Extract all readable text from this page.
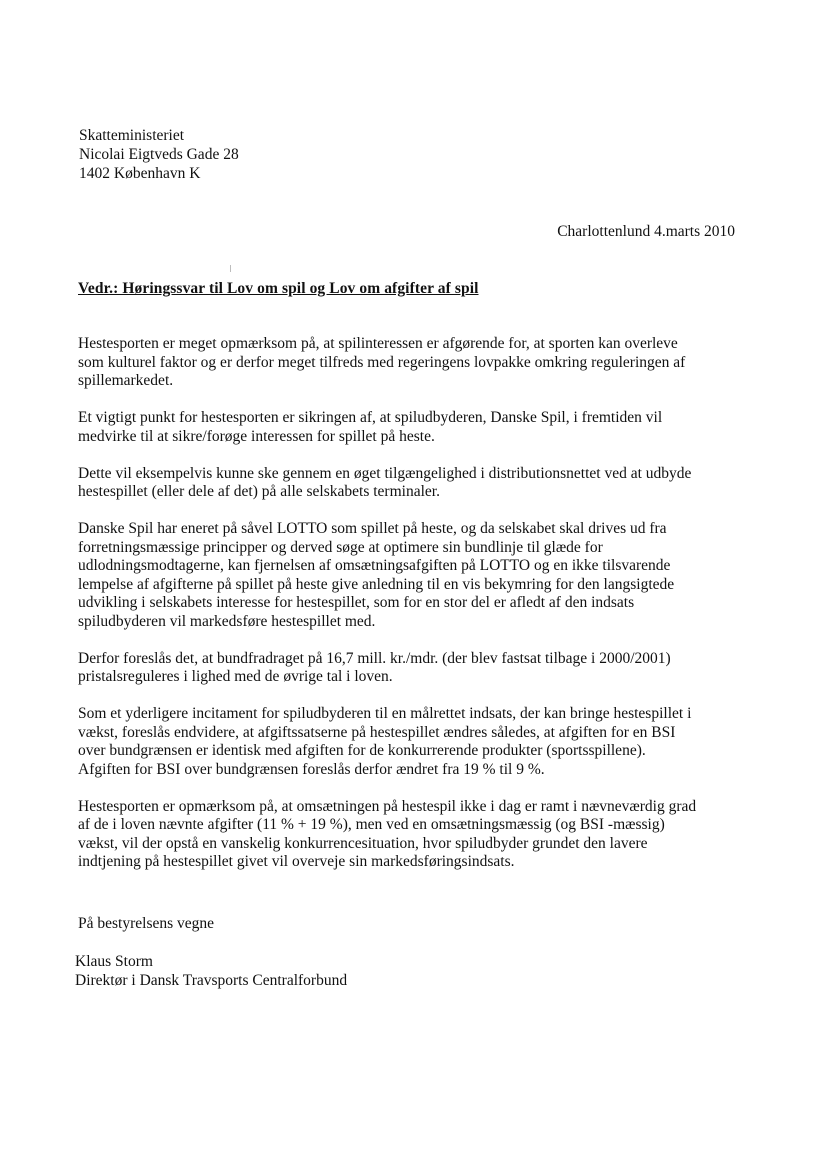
Skatteministeriet
Nicolai Eigtveds Gade 28
1402 København K
Charlottenlund 4.marts 2010
Vedr.: Høringssvar til Lov om spil og Lov om afgifter af spil
Hestesporten er meget opmærksom på, at spilinteressen er afgørende for, at sporten kan overleve
som kulturel faktor og er derfor meget tilfreds med regeringens lovpakke omkring reguleringen af
spillemarkedet.
Et vigtigt punkt for hestesporten er sikringen af, at spiludbyderen, Danske Spil, i fremtiden vil
medvirke til at sikre/forøge interessen for spillet på heste.
Dette vil eksempelvis kunne ske gennem en øget tilgængelighed i distributionsnettet ved at udbyde
hestespillet (eller dele af det) på alle selskabets terminaler.
Danske Spil har eneret på såvel LOTTO som spillet på heste, og da selskabet skal drives ud fra
forretningsmæssige principper og derved søge at optimere sin bundlinje til glæde for
udlodningsmodtagerne, kan fjernelsen af omsætningsafgiften på LOTTO og en ikke tilsvarende
lempelse af afgifterne på spillet på heste give anledning til en vis bekymring for den langsigtede
udvikling i selskabets interesse for hestespillet, som for en stor del er afledt af den indsats
spiludbyderen vil markedsføre hestespillet med.
Derfor foreslås det, at bundfradraget på 16,7 mill. kr./mdr. (der blev fastsat tilbage i 2000/2001)
pristalsreguleres i lighed med de øvrige tal i loven.
Som et yderligere incitament for spiludbyderen til en målrettet indsats, der kan bringe hestespillet i
vækst, foreslås endvidere, at afgiftssatserne på hestespillet ændres således, at afgiften for en BSI
over bundgrænsen er identisk med afgiften for de konkurrerende produkter (sportsspillene).
Afgiften for BSI over bundgrænsen foreslås derfor ændret fra 19 % til 9 %.
Hestesporten er opmærksom på, at omsætningen på hestespil ikke i dag er ramt i nævneværdig grad
af de i loven nævnte afgifter (11 % + 19 %), men ved en omsætningsmæssig (og BSI -mæssig)
vækst, vil der opstå en vanskelig konkurrencesituation, hvor spiludbyder grundet den lavere
indtjening på hestespillet givet vil overveje sin markedsføringsindsats.
På bestyrelsens vegne
Klaus Storm
Direktør i Dansk Travsports Centralforbund
